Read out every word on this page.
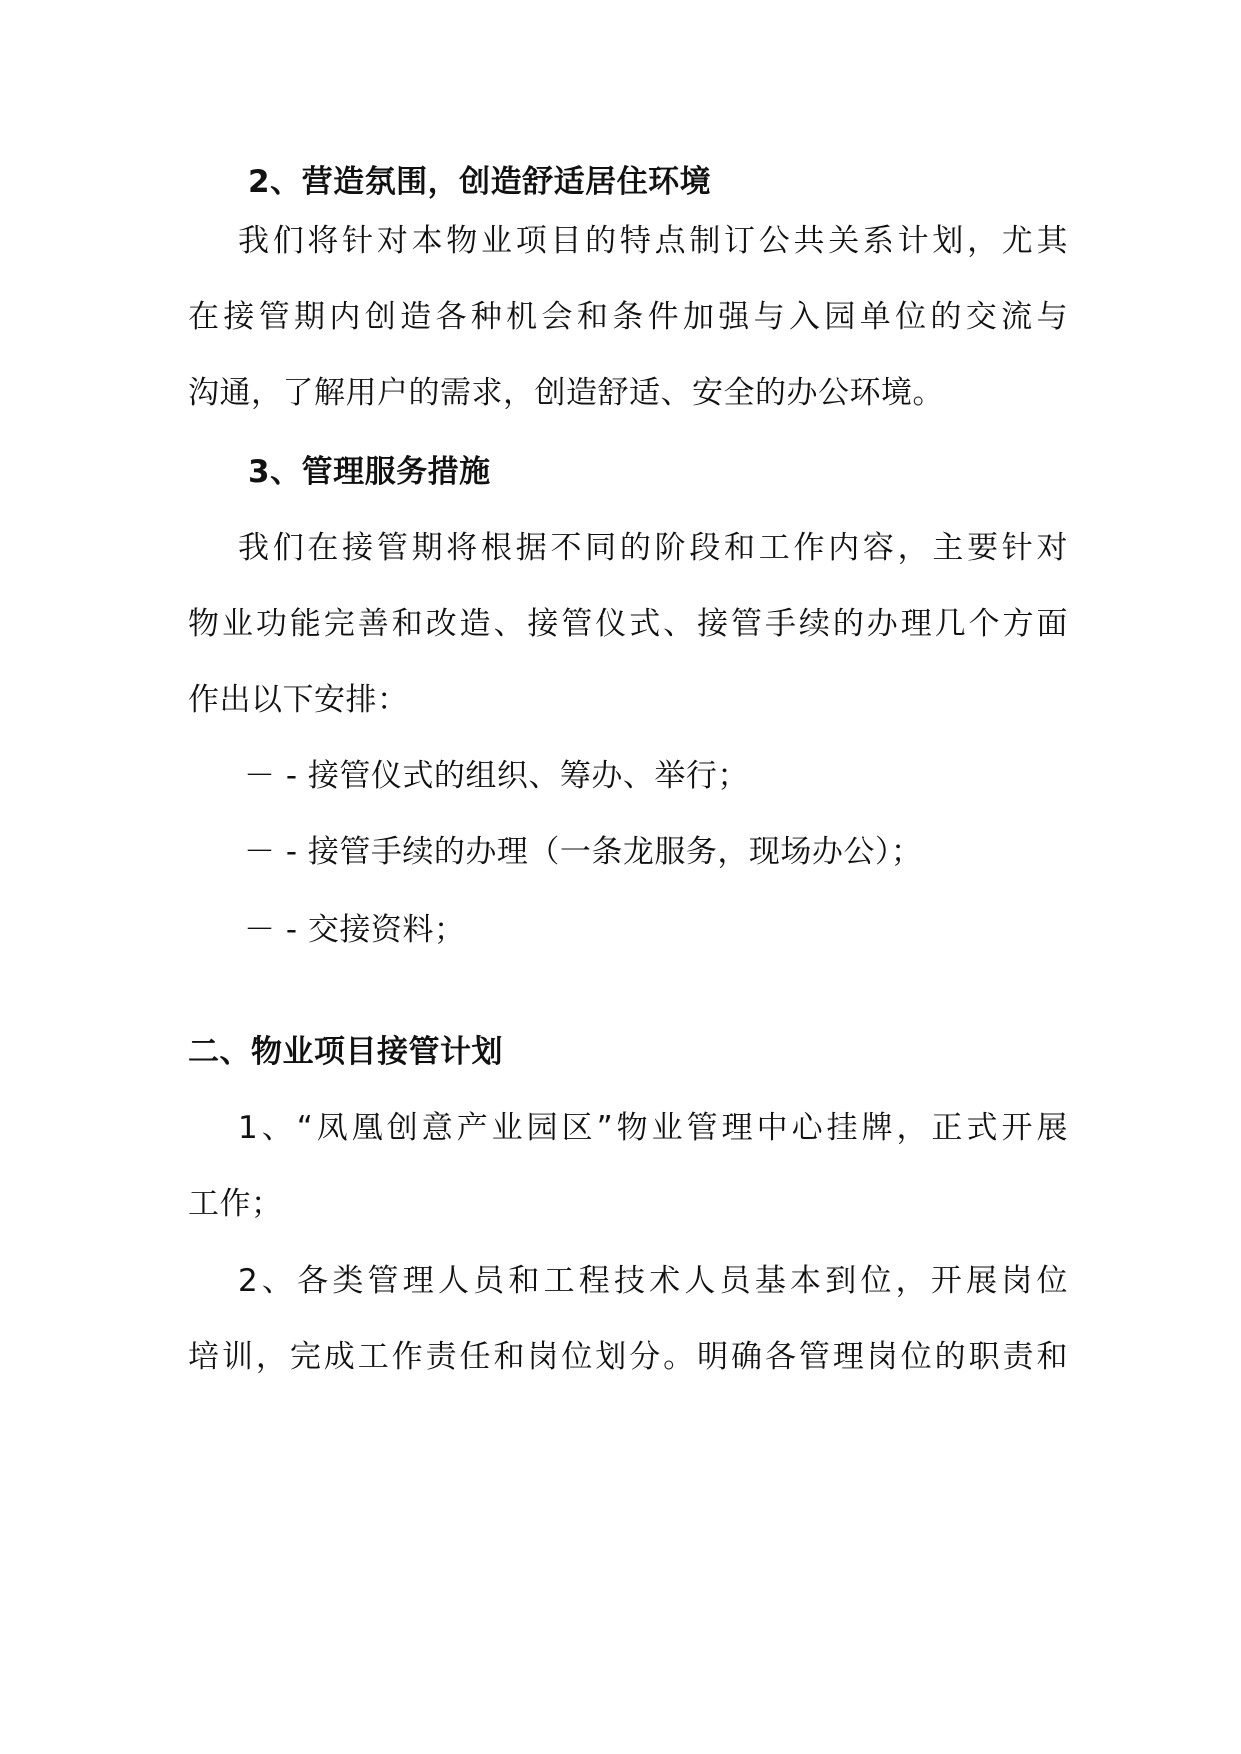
2、营造氛围，创造舒适居住环境
我们将针对本物业项目的特点制订公共关系计划，尤其
在接管期内创造各种机会和条件加强与入园单位的交流与
沟通，了解用户的需求，创造舒适、安全的办公环境。
3、管理服务措施
我们在接管期将根据不同的阶段和工作内容，主要针对
物业功能完善和改造、接管仪式、接管手续的办理几个方面
作出以下安排：
－ - 接管仪式的组织、筹办、举行；
－ - 接管手续的办理（一条龙服务，现场办公）；
－ - 交接资料；
二、物业项目接管计划
1、“凤凰创意产业园区”物业管理中心挂牌，正式开展
工作；
2、各类管理人员和工程技术人员基本到位，开展岗位
培训，完成工作责任和岗位划分。明确各管理岗位的职责和
